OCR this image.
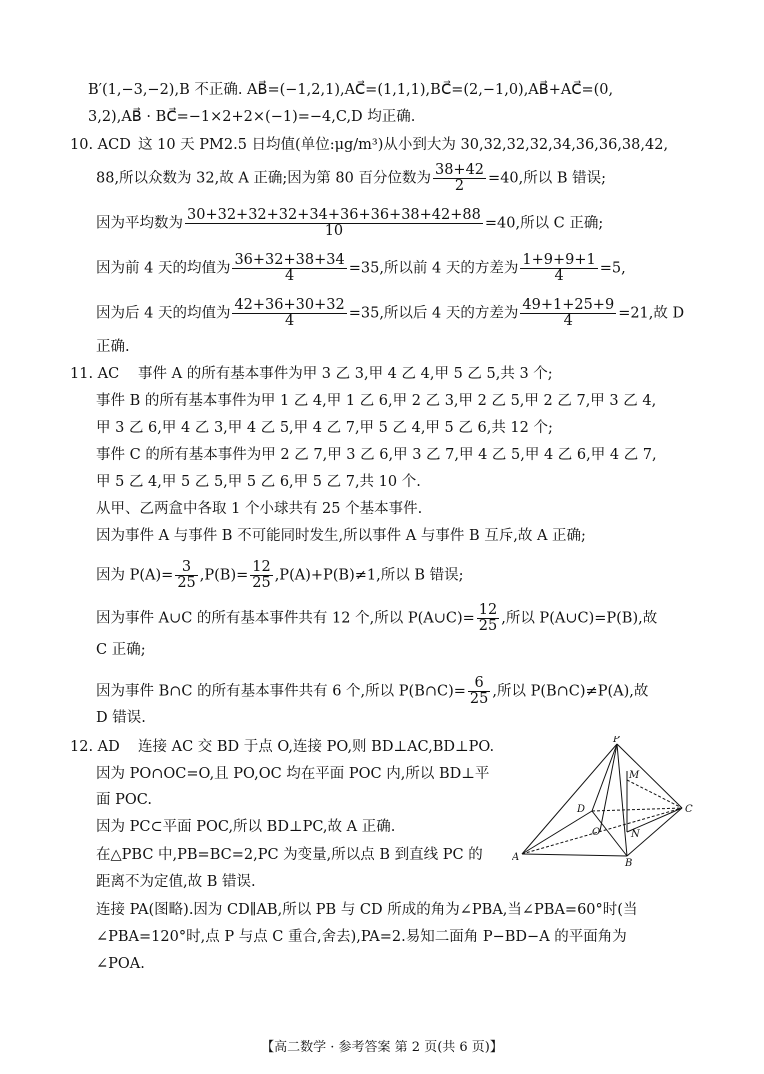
B′(1,−3,−2),B 不正确. AB⃗=(−1,2,1),AC⃗=(1,1,1),BC⃗=(2,−1,0),AB⃗+AC⃗=(0,
3,2),AB⃗ · BC⃗=−1×2+2×(−1)=−4,C,D 均正确.
10. ACD 这 10 天 PM2.5 日均值(单位:μg/m³)从小到大为 30,32,32,32,34,36,36,38,42,
88,所以众数为 32,故 A 正确;因为第 80 百分位数为 $\frac{38+42}{2} =40$,所以 B 错误;
因为平均数为 $\frac{30+32+32+32+34+36+36+38+42+88}{10} =40$,所以 C 正确;
因为前 4 天的均值为 $\frac{36+32+38+34}{4} =35$,所以前 4 天的方差为 $\frac{1+9+9+1}{4} =5$,
因为后 4 天的均值为 $\frac{42+36+30+32}{4} =35$,所以后 4 天的方差为 $\frac{49+1+25+9}{4} =21$,故 D
正确.
11. AC 事件 A 的所有基本事件为甲 3 乙 3,甲 4 乙 4,甲 5 乙 5,共 3 个;
事件 B 的所有基本事件为甲 1 乙 4,甲 1 乙 6,甲 2 乙 3,甲 2 乙 5,甲 2 乙 7,甲 3 乙 4,
甲 3 乙 6,甲 4 乙 3,甲 4 乙 5,甲 4 乙 7,甲 5 乙 4,甲 5 乙 6,共 12 个;
事件 C 的所有基本事件为甲 2 乙 7,甲 3 乙 6,甲 3 乙 7,甲 4 乙 5,甲 4 乙 6,甲 4 乙 7,
甲 5 乙 4,甲 5 乙 5,甲 5 乙 6,甲 5 乙 7,共 10 个.
从甲、乙两盒中各取 1 个小球共有 25 个基本事件.
因为事件 A 与事件 B 不可能同时发生,所以事件 A 与事件 B 互斥,故 A 正确;
因为 $P(A)= \frac{3}{25} ,P(B)= \frac{12}{25} ,P(A)+P(B)\ne 1$,所以 B 错误;
因为事件 A∪C 的所有基本事件共有 12 个,所以 P(A∪C)= $\frac{12}{25}$ ,所以 P(A∪C)=P(B),故
C 正确;
因为事件 B∩C 的所有基本事件共有 6 个,所以 P(B∩C)= $\frac{6}{25}$ ,所以 P(B∩C)≠P(A),故
D 错误.
12. AD 连接 AC 交 BD 于点 O,连接 PO,则 BD⊥AC,BD⊥PO.
因为 PO∩OC=O,且 PO,OC 均在平面 POC 内,所以 BD⊥平
面 POC.
因为 PC⊂平面 POC,所以 BD⊥PC,故 A 正确.
在△PBC 中,PB=BC=2,PC 为变量,所以点 B 到直线 PC 的
距离不为定值,故 B 错误.
连接 PA(图略).因为 CD∥AB,所以 PB 与 CD 所成的角为∠PBA,当∠PBA=60°时(当
∠PBA=120°时,点 P 与点 C 重合,舍去),PA=2.易知二面角 P−BD−A 的平面角为
∠POA.
P
M
D	C
O	N
A
B
【高二数学 · 参考答案 第 2 页(共 6 页)】
